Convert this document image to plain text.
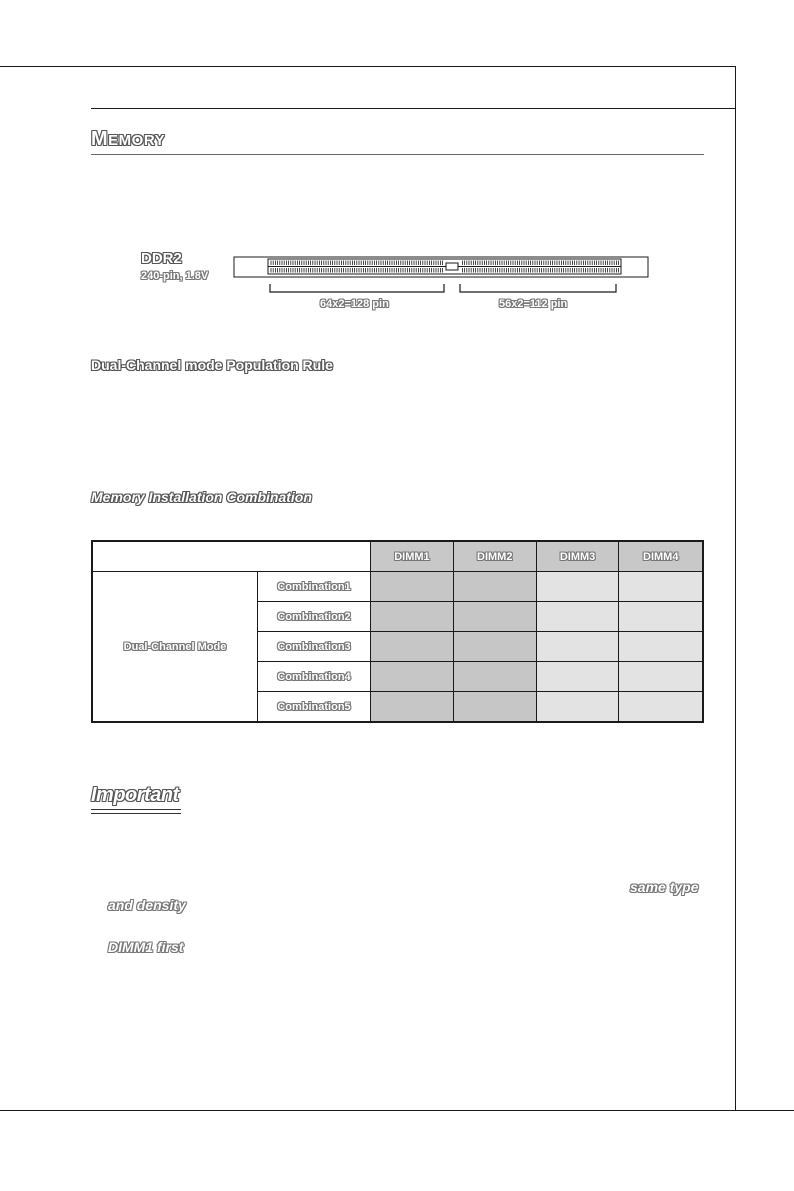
MEMORY
DDR2
240-pin, 1.8V
64x2=128 pin	56x2=112 pin
Dual-Channel mode Population Rule
Memory Installation Combination
		DIMM1	DIMM2	DIMM3	DIMM4
Dual-Channel Mode	Combination1				
	Combination2				
	Combination3				
	Combination4				
	Combination5				
Important
same type
and density
DIMM1 first
